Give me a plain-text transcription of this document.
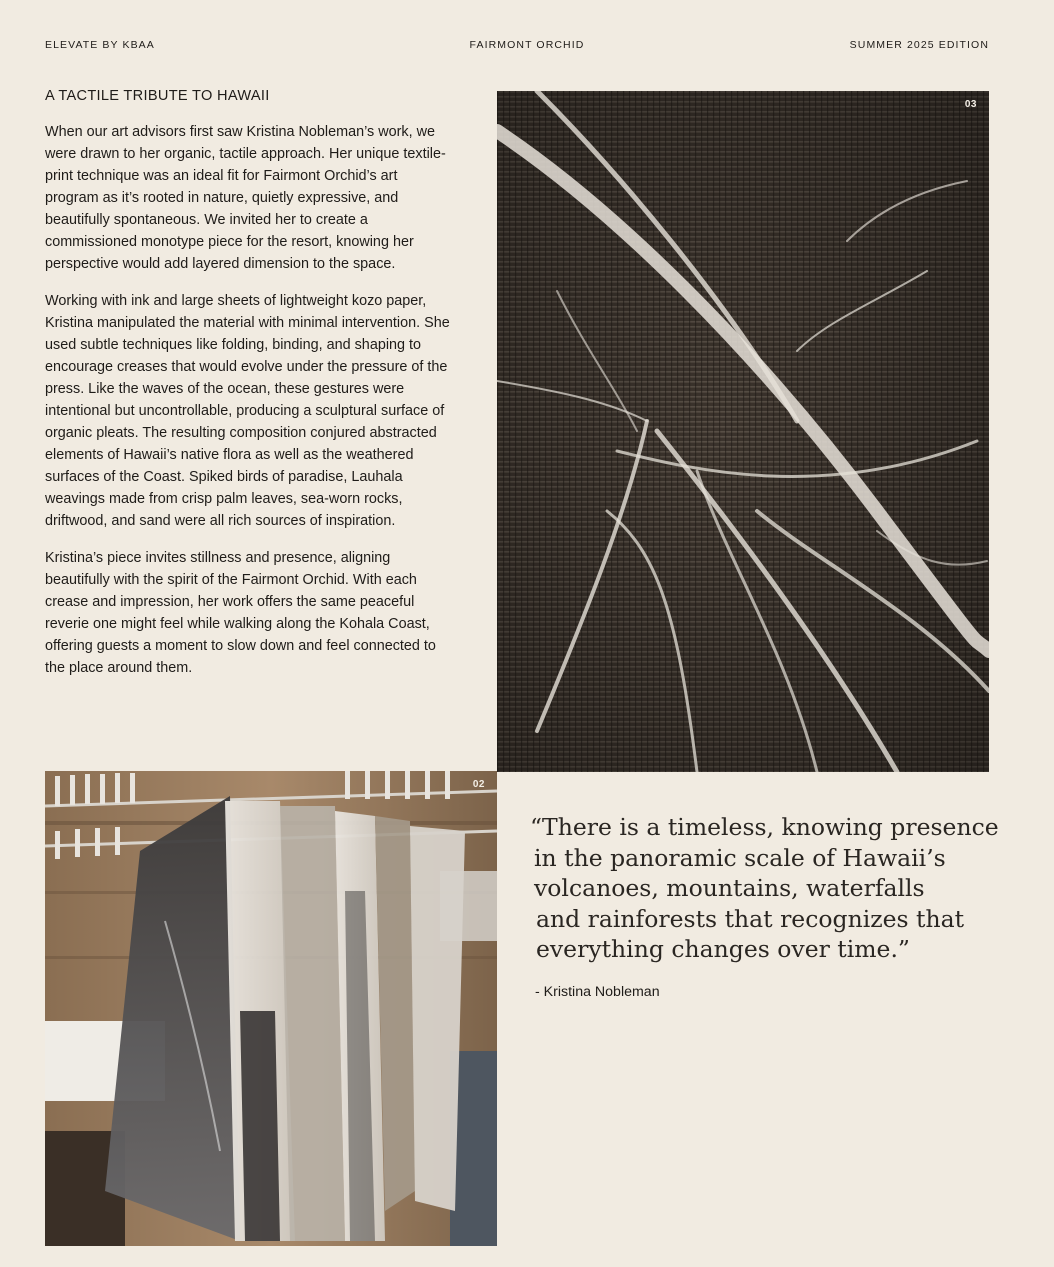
ELEVATE BY KBAA	FAIRMONT ORCHID	SUMMER 2025 EDITION
A TACTILE TRIBUTE TO HAWAII

When our art advisors first saw Kristina Nobleman’s work, we were drawn to her organic, tactile approach. Her unique textile-print technique was an ideal fit for Fairmont Orchid’s art program as it’s rooted in nature, quietly expressive, and beautifully spontaneous. We invited her to create a commissioned monotype piece for the resort, knowing her perspective would add layered dimension to the space.

Working with ink and large sheets of lightweight kozo paper, Kristina manipulated the material with minimal intervention. She used subtle techniques like folding, binding, and shaping to encourage creases that would evolve under the pressure of the press. Like the waves of the ocean, these gestures were intentional but uncontrollable, producing a sculptural surface of organic pleats. The resulting composition conjured abstracted elements of Hawaii’s native flora as well as the weathered surfaces of the Coast. Spiked birds of paradise, Lauhala weavings made from crisp palm leaves, sea-worn rocks, driftwood, and sand were all rich sources of inspiration.

Kristina’s piece invites stillness and presence, aligning beautifully with the spirit of the Fairmont Orchid. With each crease and impression, her work offers the same peaceful reverie one might feel while walking along the Kohala Coast, offering guests a moment to slow down and feel connected to the place around them.

03
02
“There is a timeless, knowing presence
in the panoramic scale of Hawaii’s
volcanoes, mountains, waterfalls
and rainforests that recognizes that
everything changes over time.”
- Kristina Nobleman
